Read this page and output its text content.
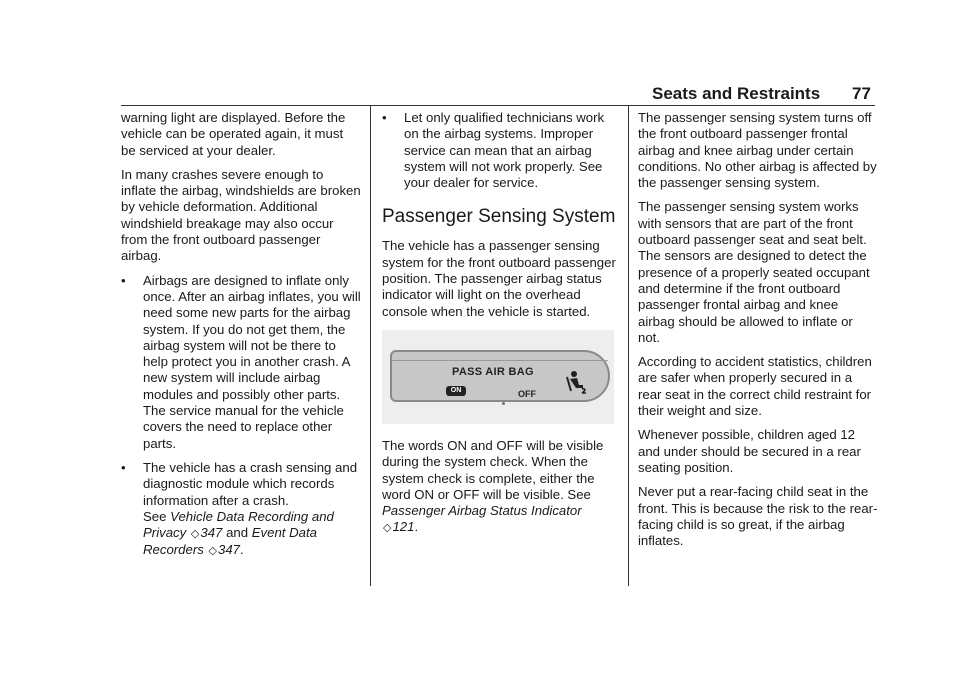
Seats and Restraints 77

warning light are displayed. Before the vehicle can be operated again, it must be serviced at your dealer.

In many crashes severe enough to inflate the airbag, windshields are broken by vehicle deformation. Additional windshield breakage may also occur from the front outboard passenger airbag.

• Airbags are designed to inflate only once. After an airbag inflates, you will need some new parts for the airbag system. If you do not get them, the airbag system will not be there to help protect you in another crash. A new system will include airbag modules and possibly other parts. The service manual for the vehicle covers the need to replace other parts.
• The vehicle has a crash sensing and diagnostic module which records information after a crash.
See Vehicle Data Recording and Privacy ◇347 and Event Data Recorders ◇347.
• Let only qualified technicians work on the airbag systems. Improper service can mean that an airbag system will not work properly. See your dealer for service.
Passenger Sensing System

The vehicle has a passenger sensing system for the front outboard passenger position. The passenger airbag status indicator will light on the overhead console when the vehicle is started.

PASS AIR BAG
ON	OFF

The words ON and OFF will be visible during the system check. When the system check is complete, either the word ON or OFF will be visible. See Passenger Airbag Status Indicator ◇121.

The passenger sensing system turns off the front outboard passenger frontal airbag and knee airbag under certain conditions. No other airbag is affected by the passenger sensing system.

The passenger sensing system works with sensors that are part of the front outboard passenger seat and seat belt. The sensors are designed to detect the presence of a properly seated occupant and determine if the front outboard passenger frontal airbag and knee airbag should be allowed to inflate or not.

According to accident statistics, children are safer when properly secured in a rear seat in the correct child restraint for their weight and size.

Whenever possible, children aged 12 and under should be secured in a rear seating position.

Never put a rear-facing child seat in the front. This is because the risk to the rear-facing child is so great, if the airbag inflates.
